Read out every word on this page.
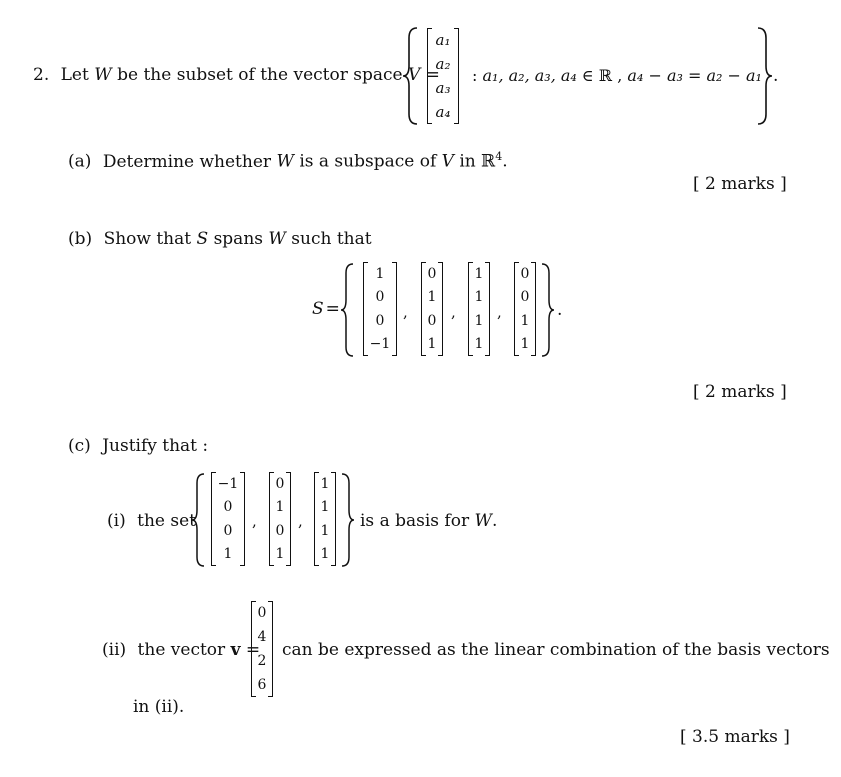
2. Let W be the subset of the vector space V =
a₁
a₂
a₃
a₄
: a₁, a₂, a₃, a₄ ∈ ℝ , a₄ − a₃ = a₂ − a₁ .
(a) Determine whether W is a subspace of V in ℝ$^4$.
[ 2 marks ]
(b) Show that S spans W such that
S =
1
0
0
−1
,
0
1
0
1
,
1
1
1
1
,
0
0
1
1
.
[ 2 marks ]
(c) Justify that :
(i) the set
−1
0
0
1
,
0
1
0
1
,
1
1
1
1
is a basis for W.
(ii) the vector v =
0
4
2
6
can be expressed as the linear combination of the basis vectors
in (ii).
[ 3.5 marks ]
